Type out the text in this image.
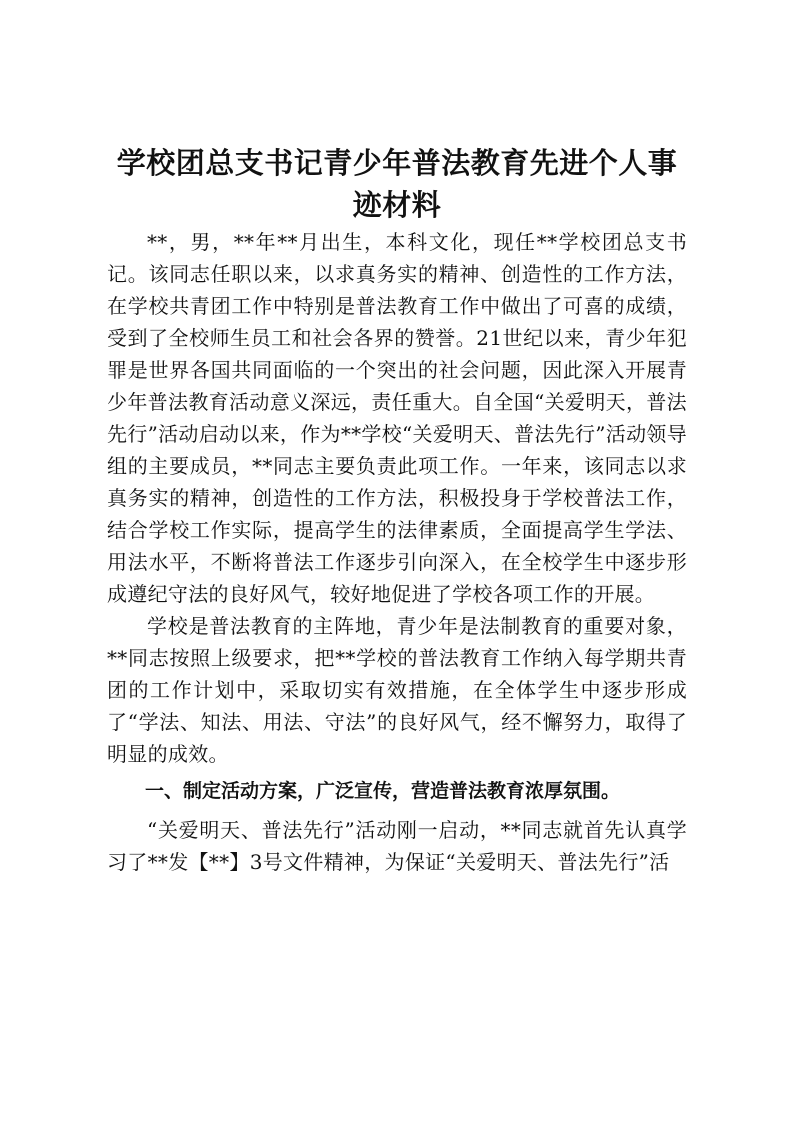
学校团总支书记青少年普法教育先进个人事迹材料

**，男，**年**月出生，本科文化，现任**学校团总支书记。该同志任职以来，以求真务实的精神、创造性的工作方法，在学校共青团工作中特别是普法教育工作中做出了可喜的成绩，受到了全校师生员工和社会各界的赞誉。21世纪以来，青少年犯罪是世界各国共同面临的一个突出的社会问题，因此深入开展青少年普法教育活动意义深远，责任重大。自全国“关爱明天，普法先行”活动启动以来，作为**学校“关爱明天、普法先行”活动领导组的主要成员，**同志主要负责此项工作。一年来，该同志以求真务实的精神，创造性的工作方法，积极投身于学校普法工作，结合学校工作实际，提高学生的法律素质，全面提高学生学法、用法水平，不断将普法工作逐步引向深入，在全校学生中逐步形成遵纪守法的良好风气，较好地促进了学校各项工作的开展。

学校是普法教育的主阵地，青少年是法制教育的重要对象，**同志按照上级要求，把**学校的普法教育工作纳入每学期共青团的工作计划中，采取切实有效措施，在全体学生中逐步形成了“学法、知法、用法、守法”的良好风气，经不懈努力，取得了明显的成效。

一、制定活动方案，广泛宣传，营造普法教育浓厚氛围。

“关爱明天、普法先行”活动刚一启动，**同志就首先认真学习了**发【**】3号文件精神，为保证“关爱明天、普法先行”活
